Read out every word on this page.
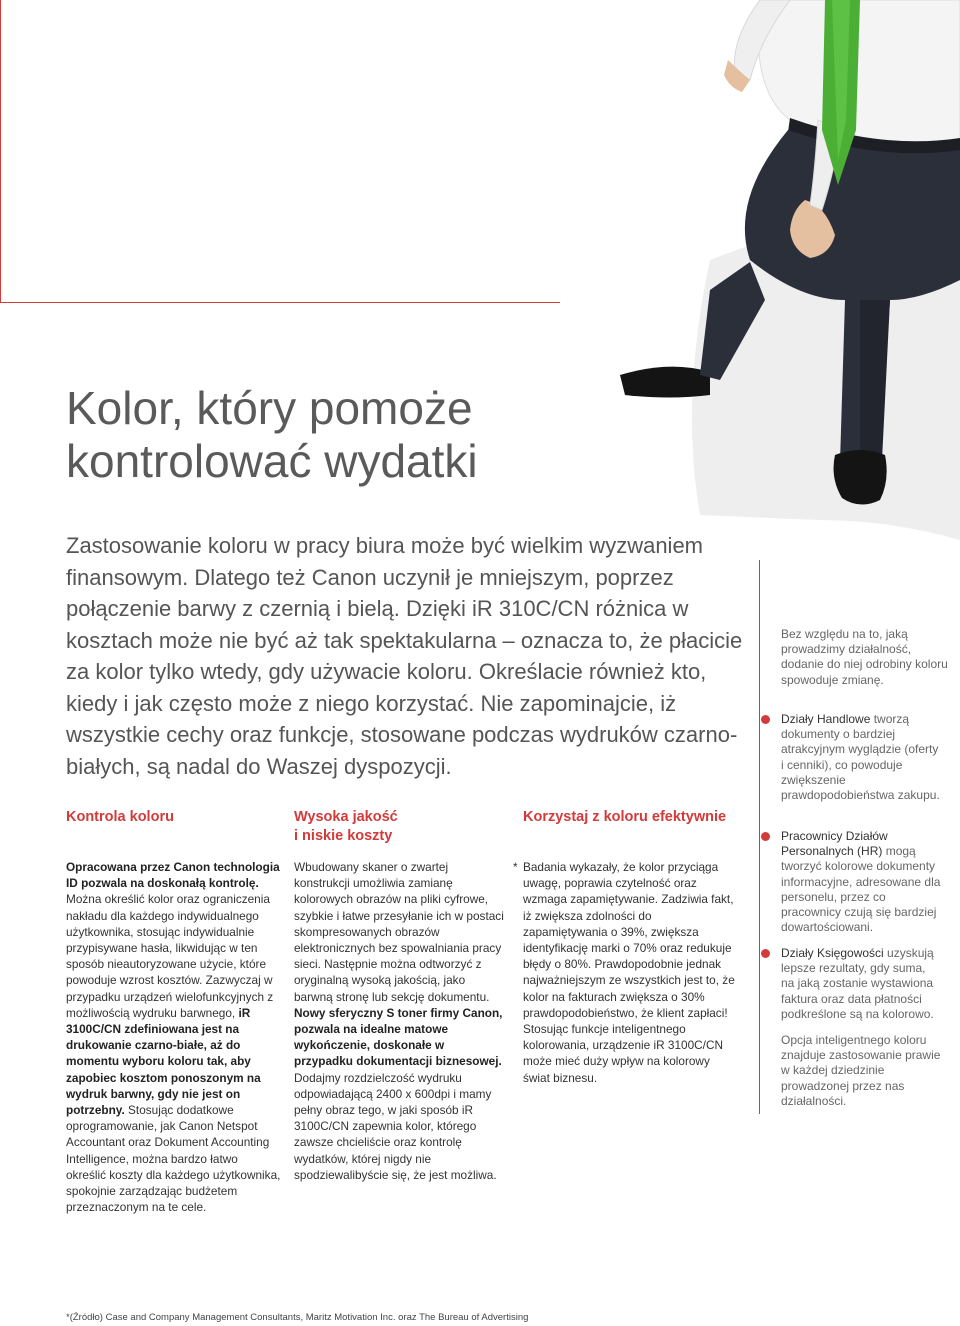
Kolor, który pomoże
kontrolować wydatki

Zastosowanie koloru w pracy biura może być wielkim wyzwaniem finansowym. Dlatego też Canon uczynił je mniejszym, poprzez połączenie barwy z czernią i bielą. Dzięki iR 310C/CN różnica w kosztach może nie być aż tak spektakularna – oznacza to, że płacicie za kolor tylko wtedy, gdy używacie koloru. Określacie również kto, kiedy i jak często może z niego korzystać. Nie zapominajcie, iż wszystkie cechy oraz funkcje, stosowane podczas wydruków czarno-białych, są nadal do Waszej dyspozycji.

Kontrola koloru

Opracowana przez Canon technologia ID pozwala na doskonałą kontrolę. Można określić kolor oraz ograniczenia nakładu dla każdego indywidualnego użytkownika, stosując indywidualnie przypisywane hasła, likwidując w ten sposób nieautoryzowane użycie, które powoduje wzrost kosztów. Zazwyczaj w przypadku urządzeń wielofunkcyjnych z możliwością wydruku barwnego, iR 3100C/CN zdefiniowana jest na drukowanie czarno-białe, aż do momentu wyboru koloru tak, aby zapobiec kosztom ponoszonym na wydruk barwny, gdy nie jest on potrzebny. Stosując dodatkowe oprogramowanie, jak Canon Netspot Accountant oraz Dokument Accounting Intelligence, można bardzo łatwo określić koszty dla każdego użytkownika, spokojnie zarządzając budżetem przeznaczonym na te cele.

Wysoka jakość
i niskie koszty

Wbudowany skaner o zwartej konstrukcji umożliwia zamianę kolorowych obrazów na pliki cyfrowe, szybkie i łatwe przesyłanie ich w postaci skompresowanych obrazów elektronicznych bez spowalniania pracy sieci. Następnie można odtworzyć z oryginalną wysoką jakością, jako barwną stronę lub sekcję dokumentu. Nowy sferyczny S toner firmy Canon, pozwala na idealne matowe wykończenie, doskonałe w przypadku dokumentacji biznesowej. Dodajmy rozdzielczość wydruku odpowiadającą 2400 x 600dpi i mamy pełny obraz tego, w jaki sposób iR 3100C/CN zapewnia kolor, którego zawsze chcieliście oraz kontrolę wydatków, której nigdy nie spodziewalibyście się, że jest możliwa.

Korzystaj z koloru efektywnie

* Badania wykazały, że kolor przyciąga uwagę, poprawia czytelność oraz wzmaga zapamiętywanie. Zadziwia fakt, iż zwiększa zdolności do zapamiętywania o 39%, zwiększa identyfikację marki o 70% oraz redukuje błędy o 80%. Prawdopodobnie jednak najważniejszym ze wszystkich jest to, że kolor na fakturach zwiększa o 30% prawdopodobieństwo, że klient zapłaci! Stosując funkcje inteligentnego kolorowania, urządzenie iR 3100C/CN może mieć duży wpływ na kolorowy świat biznesu.

Bez względu na to, jaką prowadzimy działalność, dodanie do niej odrobiny koloru spowoduje zmianę.

Działy Handlowe tworzą dokumenty o bardziej atrakcyjnym wyglądzie (oferty i cenniki), co powoduje zwiększenie prawdopodobieństwa zakupu.

Pracownicy Działów Personalnych (HR) mogą tworzyć kolorowe dokumenty informacyjne, adresowane dla personelu, przez co pracownicy czują się bardziej dowartościowani.

Działy Księgowości uzyskują lepsze rezultaty, gdy suma, na jaką zostanie wystawiona faktura oraz data płatności podkreślone są na kolorowo.

Opcja inteligentnego koloru znajduje zastosowanie prawie w każdej dziedzinie prowadzonej przez nas działalności.

*(Źródło) Case and Company Management Consultants, Maritz Motivation Inc. oraz The Bureau of Advertising
